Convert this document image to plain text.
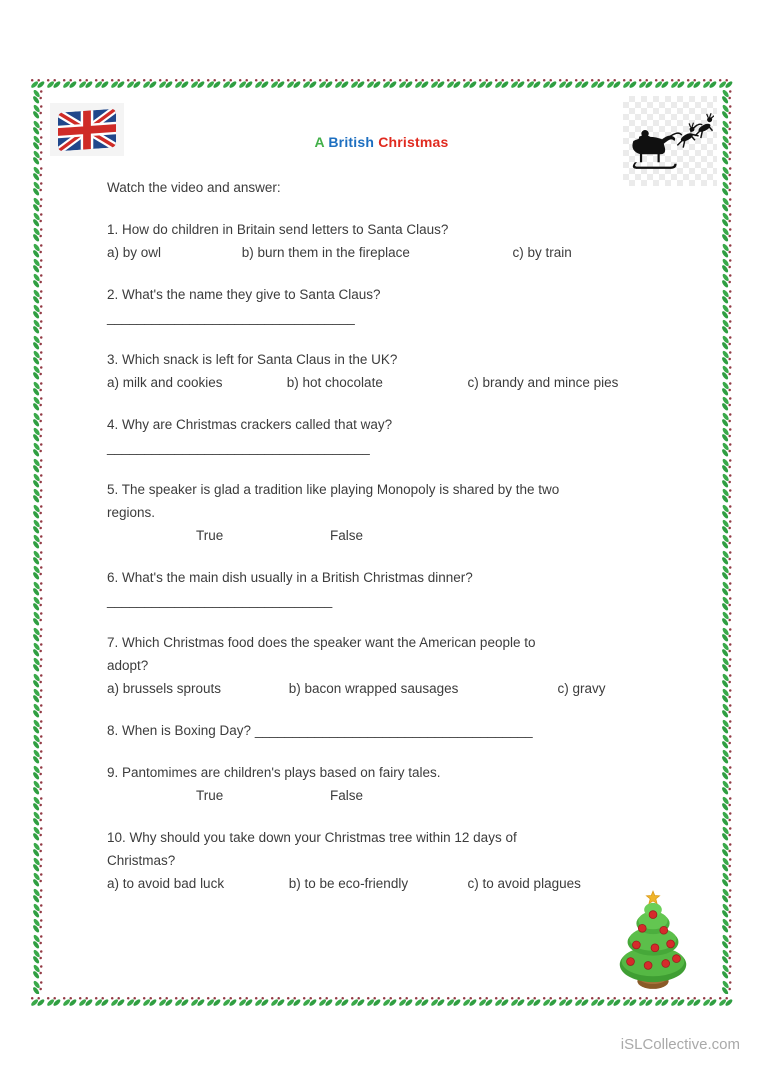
A British Christmas

Watch the video and answer:

1. How do children in Britain send letters to Santa Claus?

a) by owl	b) burn them in the fireplace	c) by train

2. What's the name they give to Santa Claus?

_________________________________

3. Which snack is left for Santa Claus in the UK?

a) milk and cookies	b) hot chocolate	c) brandy and mince pies

4. Why are Christmas crackers called that way?

___________________________________

5. The speaker is glad a tradition like playing Monopoly is shared by the two

regions.

True	False

6. What's the main dish usually in a British Christmas dinner?

______________________________

7. Which Christmas food does the speaker want the American people to

adopt?

a) brussels sprouts	b) bacon wrapped sausages	c) gravy

8. When is Boxing Day? _____________________________________

9. Pantomimes are children's plays based on fairy tales.

True	False

10. Why should you take down your Christmas tree within 12 days of

Christmas?

a) to avoid bad luck	b) to be eco-friendly	c) to avoid plagues

iSLCollective.com
